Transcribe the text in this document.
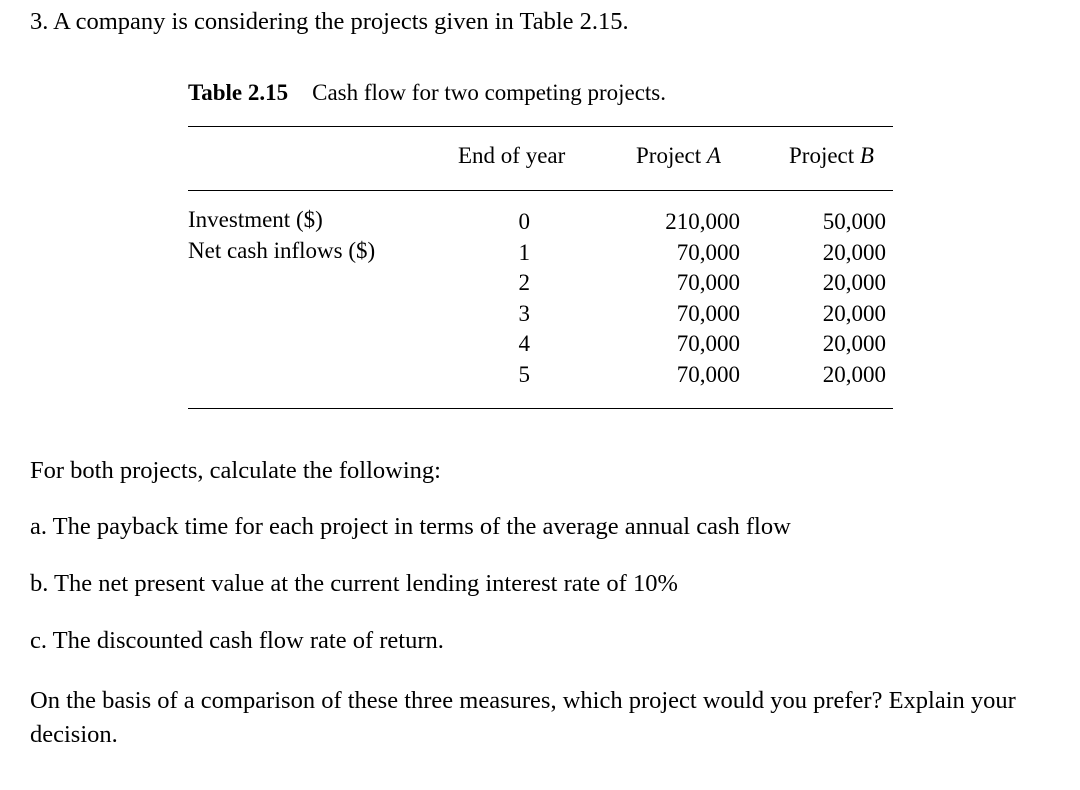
3. A company is considering the projects given in Table 2.15.
Table 2.15 Cash flow for two competing projects.
End of year	Project A	Project B
Investment ($)
Net cash inflows ($)
0
1
2
3
4
5
210,000
70,000
70,000
70,000
70,000
70,000
50,000
20,000
20,000
20,000
20,000
20,000
For both projects, calculate the following:
a. The payback time for each project in terms of the average annual cash flow
b. The net present value at the current lending interest rate of 10%
c. The discounted cash flow rate of return.
On the basis of a comparison of these three measures, which project would you prefer? Explain your decision.
